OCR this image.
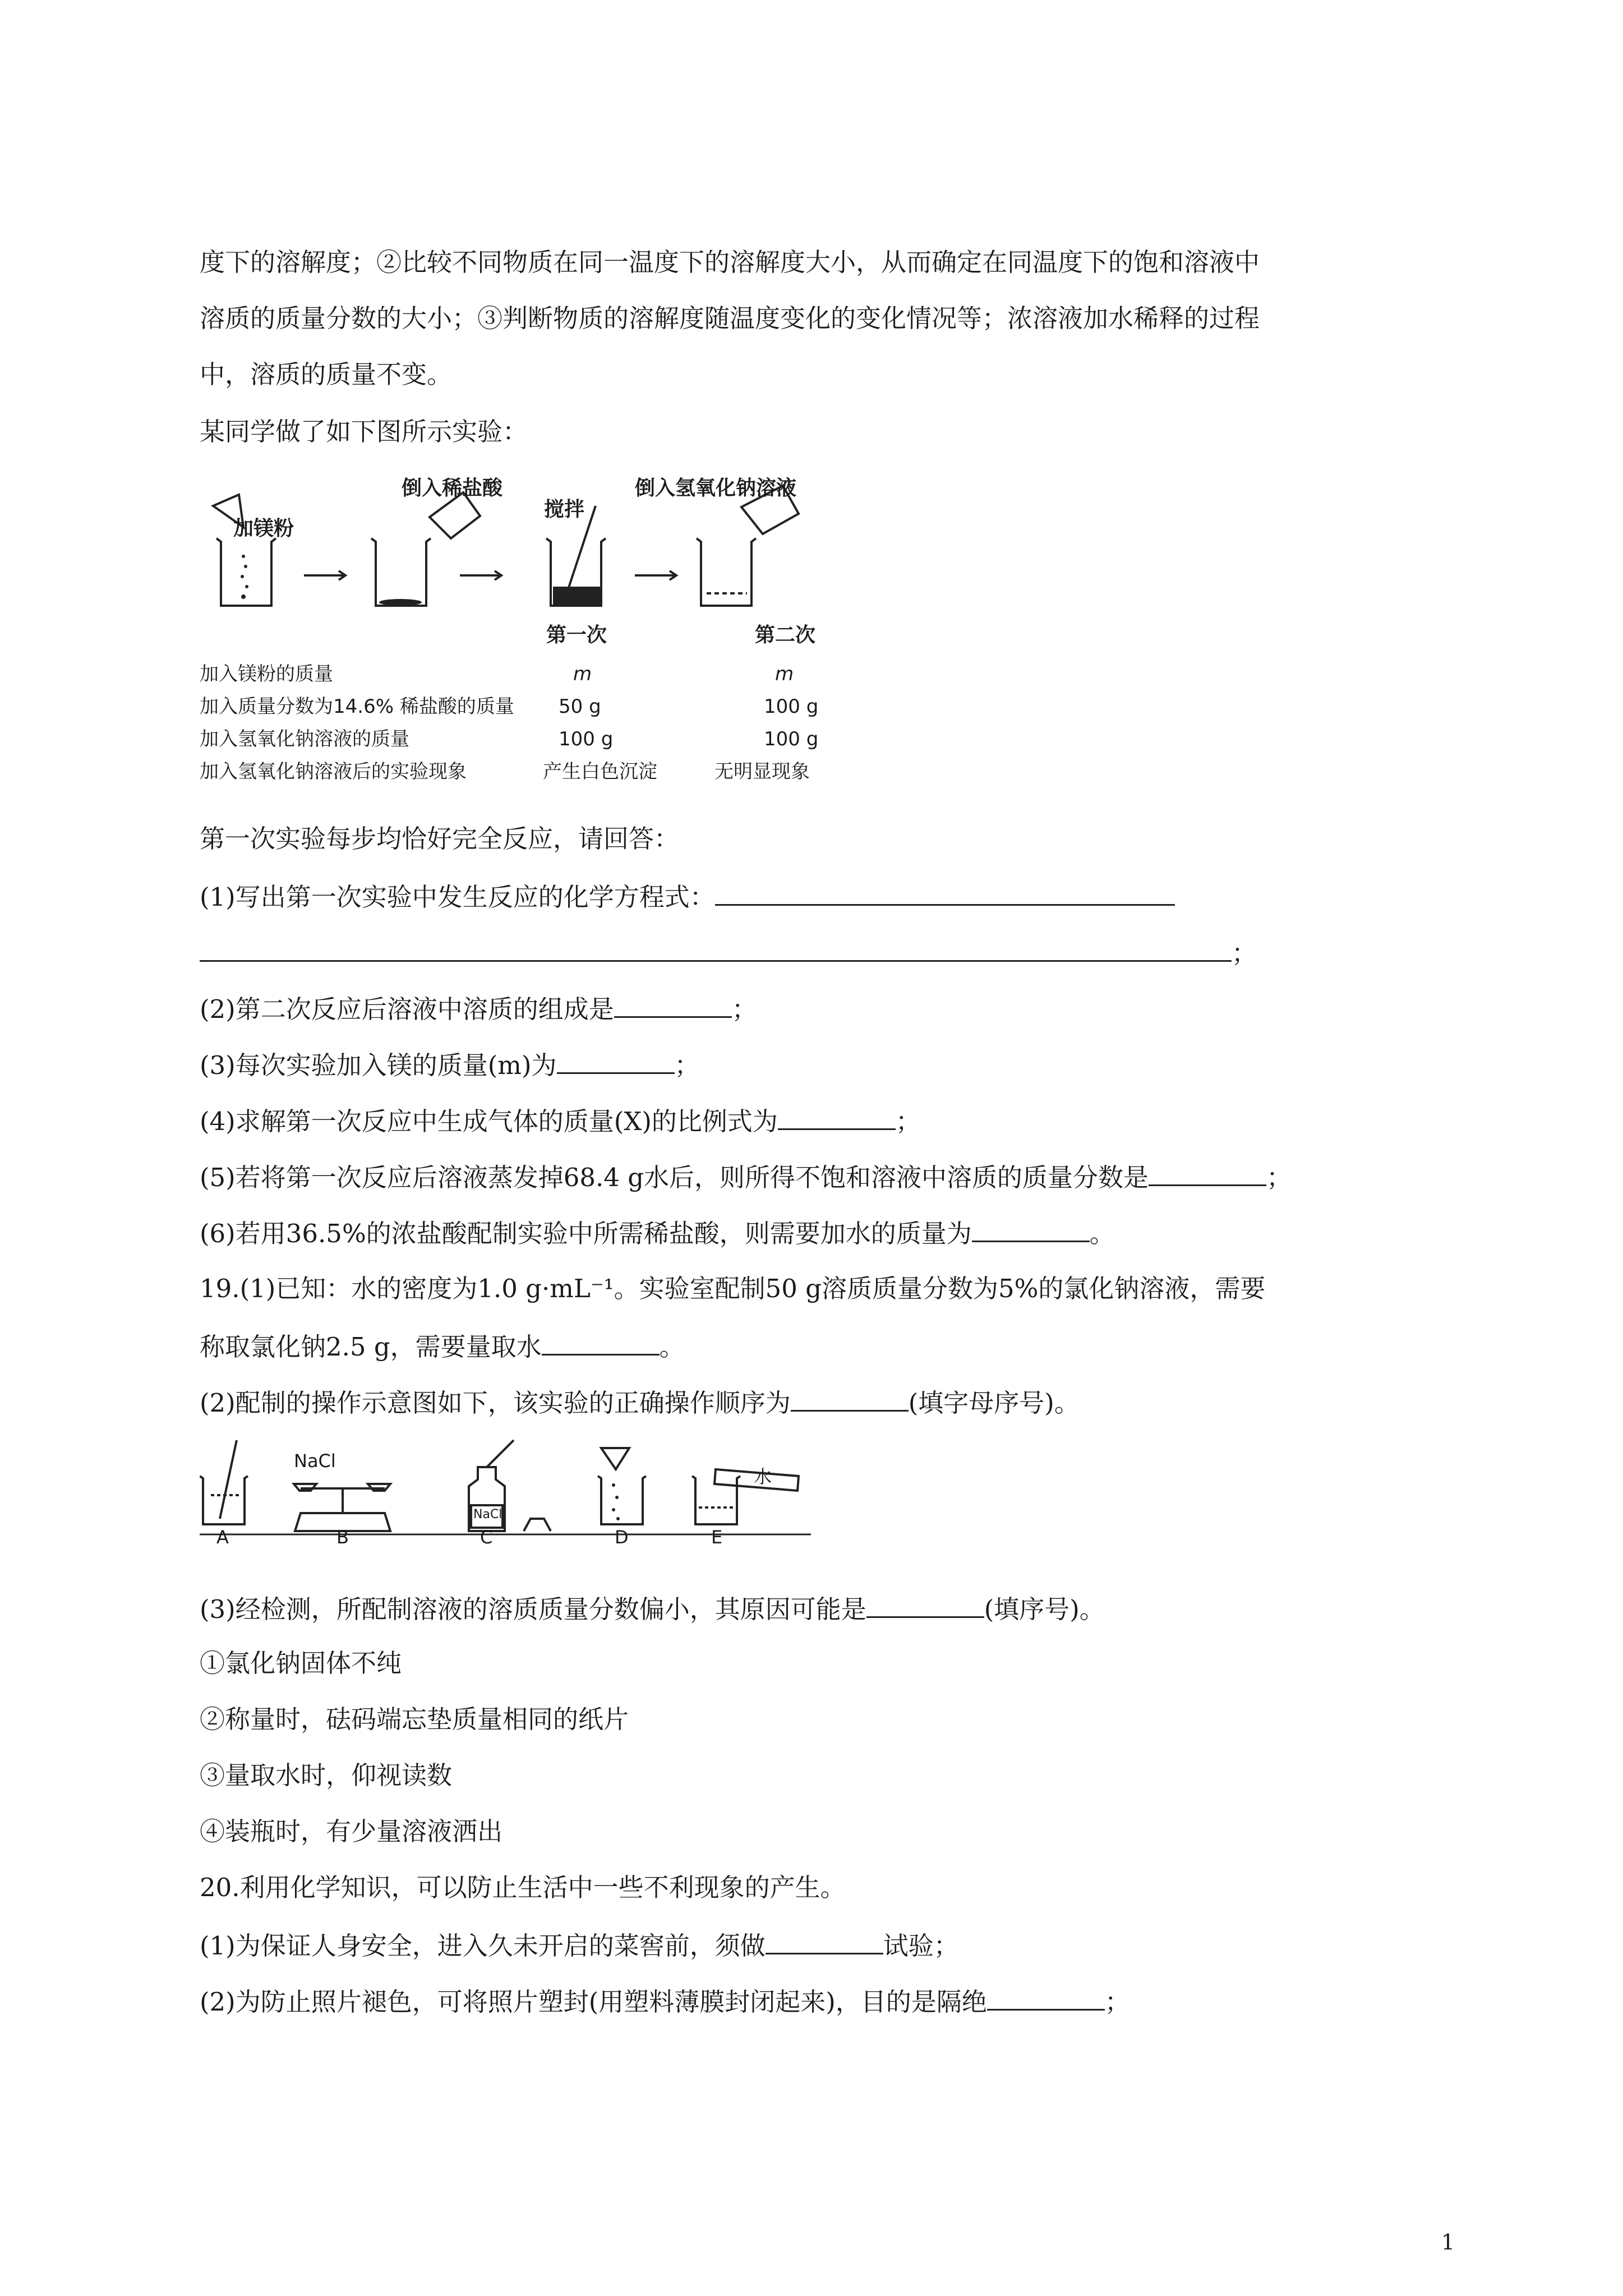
度下的溶解度；②比较不同物质在同一温度下的溶解度大小，从而确定在同温度下的饱和溶液中
溶质的质量分数的大小；③判断物质的溶解度随温度变化的变化情况等；浓溶液加水稀释的过程
中，溶质的质量不变。
某同学做了如下图所示实验：
加镁粉
倒入稀盐酸
搅拌
倒入氢氧化钠溶液
第一次	第二次
加入镁粉的质量	m	m
加入质量分数为14.6% 稀盐酸的质量 50 g	100 g
加入氢氧化钠溶液的质量	100 g	100 g
加入氢氧化钠溶液后的实验现象	产生白色沉淀	无明显现象
第一次实验每步均恰好完全反应，请回答：
(1)写出第一次实验中发生反应的化学方程式：
；
(2)第二次反应后溶液中溶质的组成是	；
(3)每次实验加入镁的质量(m)为	；
(4)求解第一次反应中生成气体的质量(X)的比例式为	；
(5)若将第一次反应后溶液蒸发掉68.4 g水后，则所得不饱和溶液中溶质的质量分数是	；
(6)若用36.5%的浓盐酸配制实验中所需稀盐酸，则需要加水的质量为	。
19.(1)已知：水的密度为1.0 g·mL⁻¹。实验室配制50 g溶质质量分数为5%的氯化钠溶液，需要
称取氯化钠2.5 g，需要量取水	。
(2)配制的操作示意图如下，该实验的正确操作顺序为	(填字母序号)。
NaCl
NaCl
水
A	B	C	D	E
(3)经检测，所配制溶液的溶质质量分数偏小，其原因可能是	(填序号)。
①氯化钠固体不纯
②称量时，砝码端忘垫质量相同的纸片
③量取水时，仰视读数
④装瓶时，有少量溶液洒出
20.利用化学知识，可以防止生活中一些不利现象的产生。
(1)为保证人身安全，进入久未开启的菜窖前，须做	试验；
(2)为防止照片褪色，可将照片塑封(用塑料薄膜封闭起来)，目的是隔绝	；
1
